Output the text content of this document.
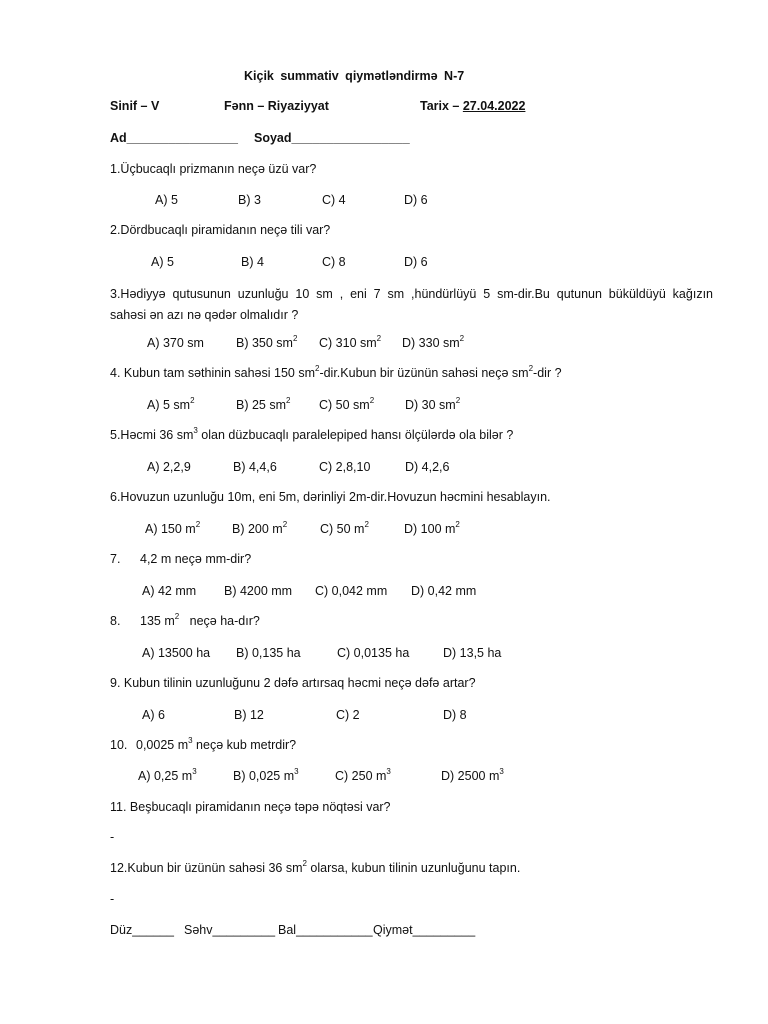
Kiçik summativ qiymətləndirmə N-7
Sinif – V	Fənn – Riyaziyyat	Tarix – 27.04.2022
Ad________________ Soyad_________________
1.Üçbucaqlı prizmanın neçə üzü var?
A) 5	B) 3	C) 4	D) 6
2.Dördbucaqlı piramidanın neçə tili var?
A) 5	B) 4	C) 8	D) 6
3.Hədiyyə qutusunun uzunluğu 10 sm , eni 7 sm ,hündürlüyü 5 sm-dir.Bu qutunun büküldüyü kağızın
sahəsi ən azı nə qədər olmalıdır ?
A) 370 sm	B) 350 $sm^2$ C) 310 $sm^2$ D) 330 $sm^2$
4. Kubun tam səthinin sahəsi 150 $sm^2-dir.Kubun$ bir üzünün sahəsi neçə $sm^2$-dir ?
A) 5 $sm^2$	B) 25 $sm^2$ C) 50 $sm^2$ D) 30 $sm^2$
5.Həcmi 36 $sm^3$ olan düzbucaqlı paralelepiped hansı ölçülərdə ola bilər ?
A) 2,2,9	B) 4,4,6	C) 2,8,10	D) 4,2,6
6.Hovuzun uzunluğu 10m, eni 5m, dərinliyi 2m-dir.Hovuzun həcmini hesablayın.
A) 150 $m^2$	B) 200 $m^2$	C) 50 $m^2$	D) 100 $m^2$
7. 4,2 m neçə mm-dir?
A) 42 mm B) 4200 mm C) 0,042 mm D) 0,42 mm
8. 135 $m^2$   neçə ha-dır?
A) 13500 ha B) 0,135 ha	C) 0,0135 ha	D) 13,5 ha
9. Kubun tilinin uzunluğunu 2 dəfə artırsaq həcmi neçə dəfə artar?
A) 6	B) 12	C) 2	D) 8
10. 0,0025 $m^3$ neçə kub metrdir?
A) 0,25 $m^3$	B) 0,025 $m^3$	C) 250 $m^3$	D) 2500 $m^3$
11. Beşbucaqlı piramidanın neçə təpə nöqtəsi var?
-
12.Kubun bir üzünün sahəsi 36 $sm^2$ olarsa, kubun tilinin uzunluğunu tapın.
-
Düz______ Səhv_________ Bal___________ Qiymət_________
